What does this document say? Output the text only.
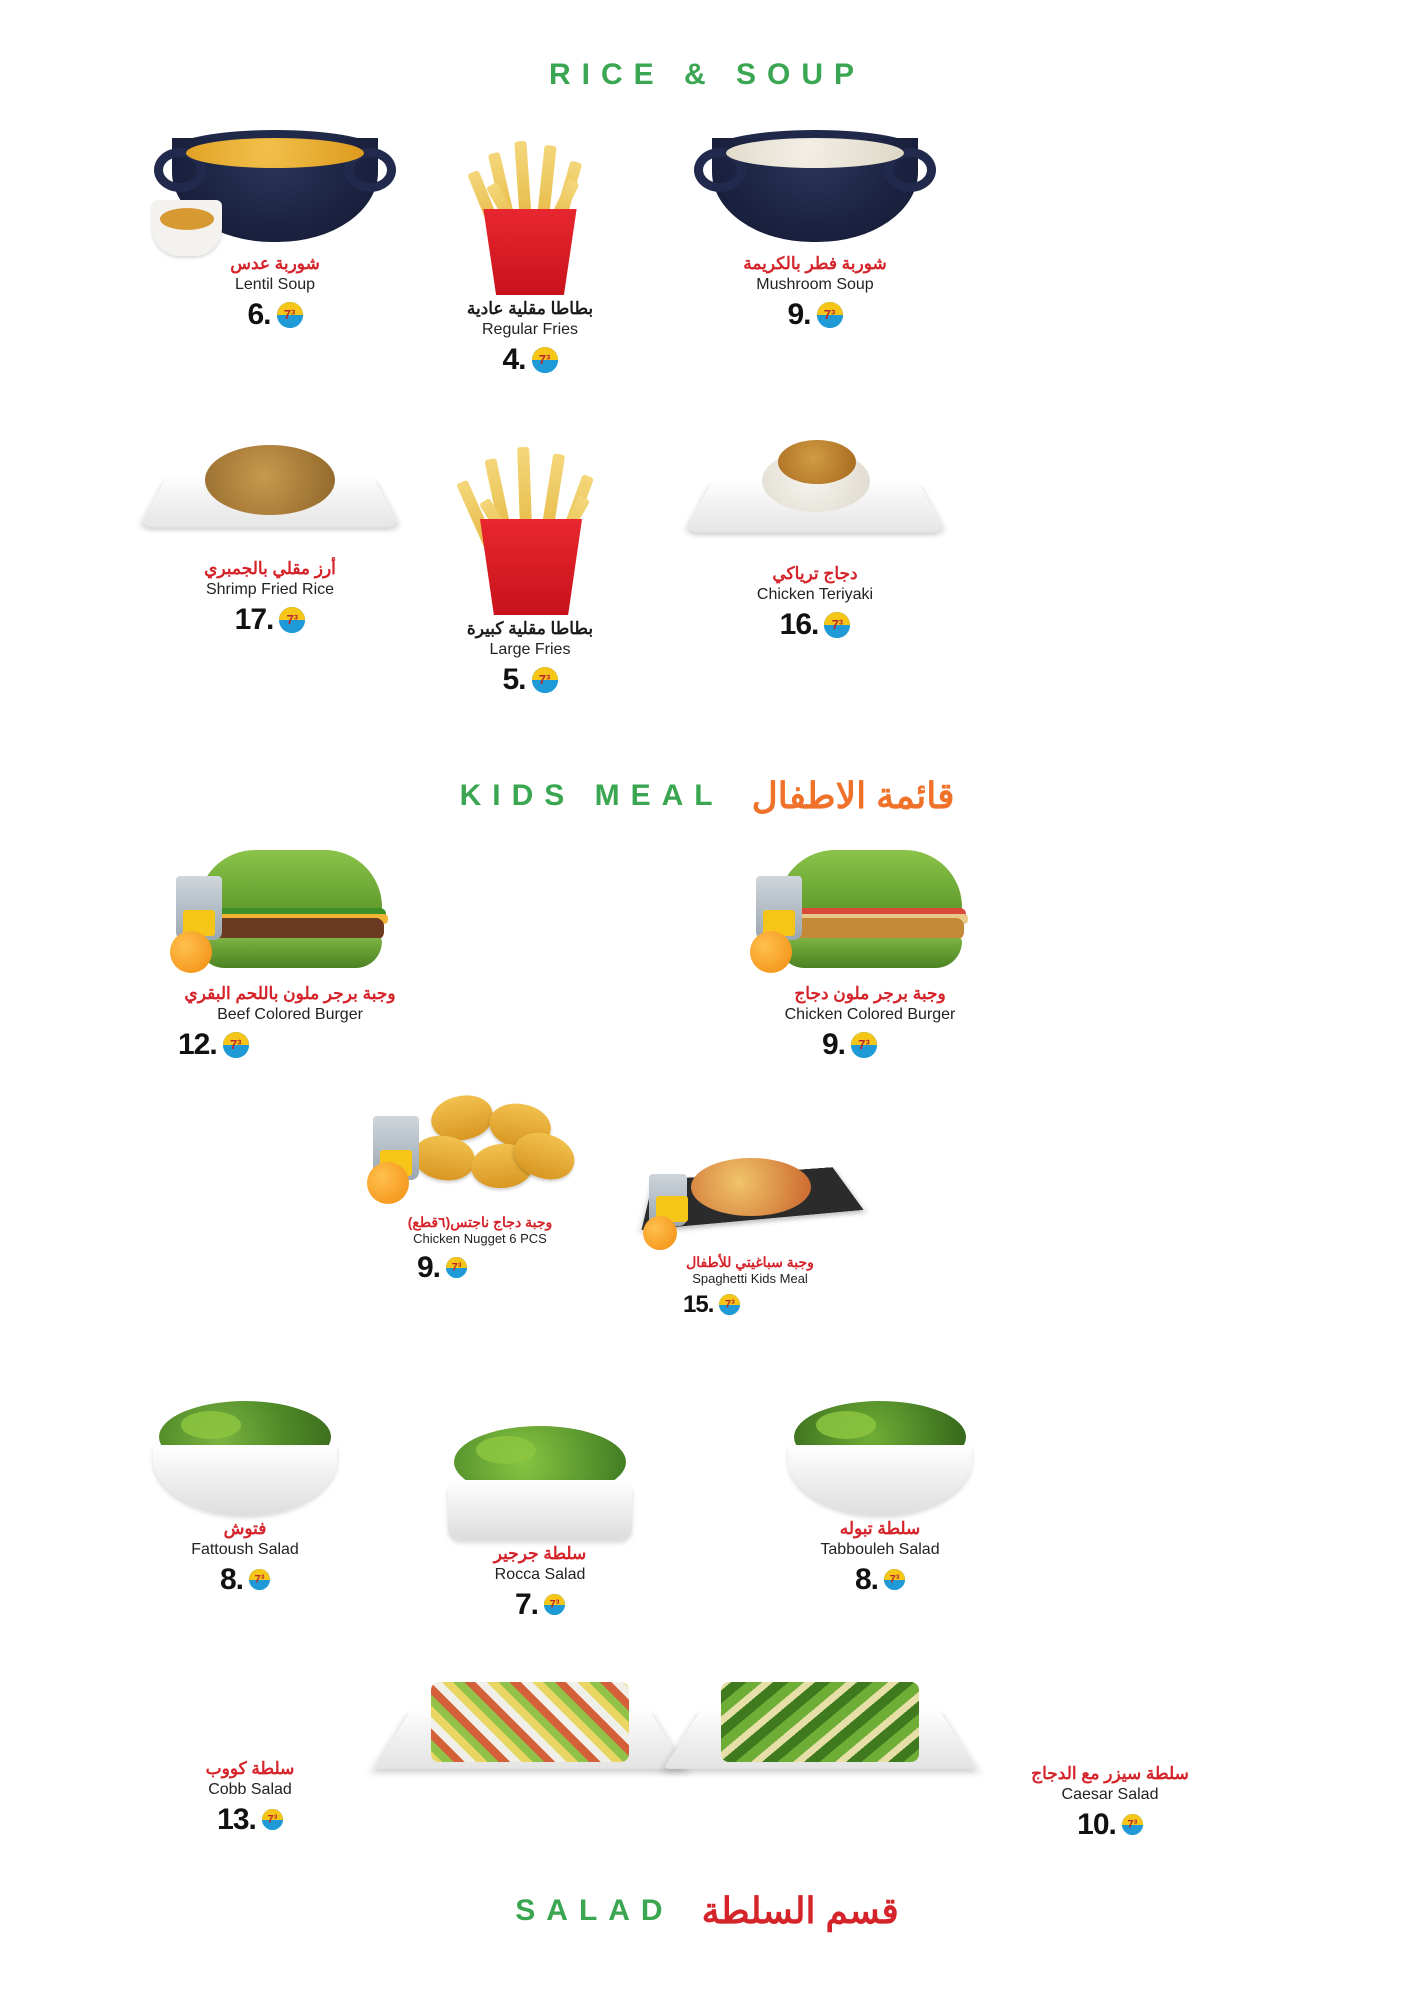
RICE & SOUP
شوربة عدس
Lentil Soup
6. 7³	بطاطا مقلية عادية
Regular Fries
4.
7³
شوربة فطر بالكريمة
Mushroom Soup
9.
7³
أرز مقلي بالجمبري
Shrimp Fried Rice
17. 7³	بطاطا مقلية كبيرة
Large Fries
5.
7³
دجاج ترياكي
Chicken Teriyaki
16.
7³
KIDS MEAL قائمة الاطفال
وجبة برجر ملون باللحم البقري
Beef Colored Burger
12.
7³
وجبة برجر ملون دجاج
Chicken Colored Burger
9.
7³
وجبة دجاج ناجتس(٦قطع)
Chicken Nugget 6 PCS
9. 7³	وجبة سباغيتي للأطفال
Spaghetti Kids Meal
15.
7³
فتوش
Fattoush Salad
8.
7³
سلطة جرجير
Rocca Salad
7.
7³
سلطة تبوله
Tabbouleh Salad
8.
7³
سلطة كووب
Cobb Salad
13.
7³
سلطة سيزر مع الدجاج
Caesar Salad
10.
7³
SALAD قسم السلطة
